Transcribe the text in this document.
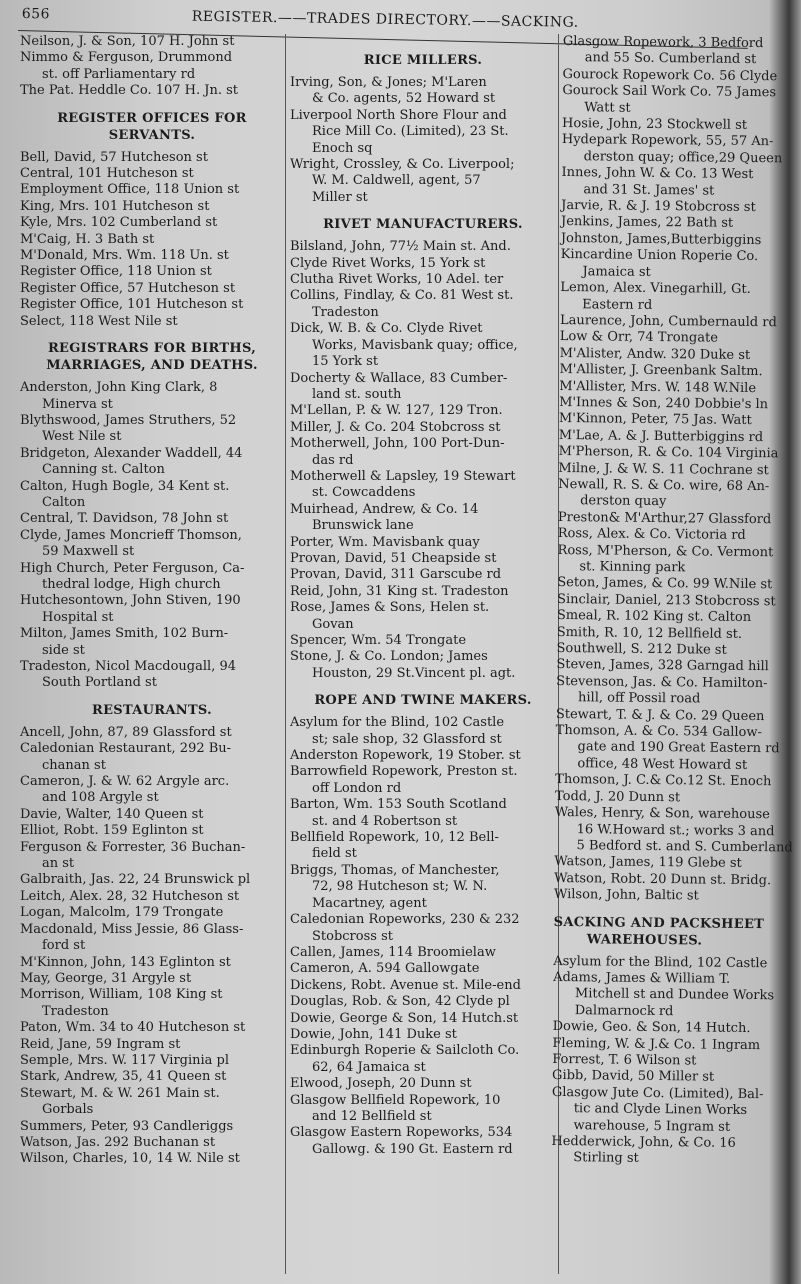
656	REGISTER.——TRADES DIRECTORY.——SACKING.
Neilson, J. & Son, 107 H. John st
Nimmo & Ferguson, Drummond
st. off Parliamentary rd
The Pat. Heddle Co. 107 H. Jn. st
REGISTER OFFICES FOR
SERVANTS.
Bell, David, 57 Hutcheson st
Central, 101 Hutcheson st
Employment Office, 118 Union st
King, Mrs. 101 Hutcheson st
Kyle, Mrs. 102 Cumberland st
M'Caig, H. 3 Bath st
M'Donald, Mrs. Wm. 118 Un. st
Register Office, 118 Union st
Register Office, 57 Hutcheson st
Register Office, 101 Hutcheson st
Select, 118 West Nile st
REGISTRARS FOR BIRTHS,
MARRIAGES, AND DEATHS.
Anderston, John King Clark, 8
Minerva st
Blythswood, James Struthers, 52
West Nile st
Bridgeton, Alexander Waddell, 44
Canning st. Calton
Calton, Hugh Bogle, 34 Kent st.
Calton
Central, T. Davidson, 78 John st
Clyde, James Moncrieff Thomson,
59 Maxwell st
High Church, Peter Ferguson, Ca-
thedral lodge, High church
Hutchesontown, John Stiven, 190
Hospital st
Milton, James Smith, 102 Burn-
side st
Tradeston, Nicol Macdougall, 94
South Portland st
RESTAURANTS.
Ancell, John, 87, 89 Glassford st
Caledonian Restaurant, 292 Bu-
chanan st
Cameron, J. & W. 62 Argyle arc.
and 108 Argyle st
Davie, Walter, 140 Queen st
Elliot, Robt. 159 Eglinton st
Ferguson & Forrester, 36 Buchan-
an st
Galbraith, Jas. 22, 24 Brunswick pl
Leitch, Alex. 28, 32 Hutcheson st
Logan, Malcolm, 179 Trongate
Macdonald, Miss Jessie, 86 Glass-
ford st
M'Kinnon, John, 143 Eglinton st
May, George, 31 Argyle st
Morrison, William, 108 King st
Tradeston
Paton, Wm. 34 to 40 Hutcheson st
Reid, Jane, 59 Ingram st
Semple, Mrs. W. 117 Virginia pl
Stark, Andrew, 35, 41 Queen st
Stewart, M. & W. 261 Main st.
Gorbals
Summers, Peter, 93 Candleriggs
Watson, Jas. 292 Buchanan st
Wilson, Charles, 10, 14 W. Nile st
RICE MILLERS.
Irving, Son, & Jones; M'Laren
& Co. agents, 52 Howard st
Liverpool North Shore Flour and
Rice Mill Co. (Limited), 23 St.
Enoch sq
Wright, Crossley, & Co. Liverpool;
W. M. Caldwell, agent, 57
Miller st
RIVET MANUFACTURERS.
Bilsland, John, 77½ Main st. And.
Clyde Rivet Works, 15 York st
Clutha Rivet Works, 10 Adel. ter
Collins, Findlay, & Co. 81 West st.
Tradeston
Dick, W. B. & Co. Clyde Rivet
Works, Mavisbank quay; office,
15 York st
Docherty & Wallace, 83 Cumber-
land st. south
M'Lellan, P. & W. 127, 129 Tron.
Miller, J. & Co. 204 Stobcross st
Motherwell, John, 100 Port-Dun-
das rd
Motherwell & Lapsley, 19 Stewart
st. Cowcaddens
Muirhead, Andrew, & Co. 14
Brunswick lane
Porter, Wm. Mavisbank quay
Provan, David, 51 Cheapside st
Provan, David, 311 Garscube rd
Reid, John, 31 King st. Tradeston
Rose, James & Sons, Helen st.
Govan
Spencer, Wm. 54 Trongate
Stone, J. & Co. London; James
Houston, 29 St.Vincent pl. agt.
ROPE AND TWINE MAKERS.
Asylum for the Blind, 102 Castle
st; sale shop, 32 Glassford st
Anderston Ropework, 19 Stober. st
Barrowfield Ropework, Preston st.
off London rd
Barton, Wm. 153 South Scotland
st. and 4 Robertson st
Bellfield Ropework, 10, 12 Bell-
field st
Briggs, Thomas, of Manchester,
72, 98 Hutcheson st; W. N.
Macartney, agent
Caledonian Ropeworks, 230 & 232
Stobcross st
Callen, James, 114 Broomielaw
Cameron, A. 594 Gallowgate
Dickens, Robt. Avenue st. Mile-end
Douglas, Rob. & Son, 42 Clyde pl
Dowie, George & Son, 14 Hutch.st
Dowie, John, 141 Duke st
Edinburgh Roperie & Sailcloth Co.
62, 64 Jamaica st
Elwood, Joseph, 20 Dunn st
Glasgow Bellfield Ropework, 10
and 12 Bellfield st
Glasgow Eastern Ropeworks, 534
Gallowg. & 190 Gt. Eastern rd
Glasgow Ropework, 3 Bedford
and 55 So. Cumberland st
Gourock Ropework Co. 56 Clyde
Gourock Sail Work Co. 75 James
Watt st
Hosie, John, 23 Stockwell st
Hydepark Ropework, 55, 57 An-
derston quay; office,29 Queen
Innes, John W. & Co. 13 West
and 31 St. James' st
Jarvie, R. & J. 19 Stobcross st
Jenkins, James, 22 Bath st
Johnston, James,Butterbiggins
Kincardine Union Roperie Co.
Jamaica st
Lemon, Alex. Vinegarhill, Gt.
Eastern rd
Laurence, John, Cumbernauld rd
Low & Orr, 74 Trongate
M'Alister, Andw. 320 Duke st
M'Allister, J. Greenbank Saltm.
M'Allister, Mrs. W. 148 W.Nile
M'Innes & Son, 240 Dobbie's ln
M'Kinnon, Peter, 75 Jas. Watt
M'Lae, A. & J. Butterbiggins rd
M'Pherson, R. & Co. 104 Virginia
Milne, J. & W. S. 11 Cochrane st
Newall, R. S. & Co. wire, 68 An-
derston quay
Preston& M'Arthur,27 Glassford
Ross, Alex. & Co. Victoria rd
Ross, M'Pherson, & Co. Vermont
st. Kinning park
Seton, James, & Co. 99 W.Nile st
Sinclair, Daniel, 213 Stobcross st
Smeal, R. 102 King st. Calton
Smith, R. 10, 12 Bellfield st.
Southwell, S. 212 Duke st
Steven, James, 328 Garngad hill
Stevenson, Jas. & Co. Hamilton-
hill, off Possil road
Stewart, T. & J. & Co. 29 Queen
Thomson, A. & Co. 534 Gallow-
gate and 190 Great Eastern rd
office, 48 West Howard st
Thomson, J. C.& Co.12 St. Enoch
Todd, J. 20 Dunn st
Wales, Henry, & Son, warehouse
16 W.Howard st.; works 3 and
5 Bedford st. and S. Cumberland
Watson, James, 119 Glebe st
Watson, Robt. 20 Dunn st. Bridg.
Wilson, John, Baltic st
SACKING AND PACKSHEET
WAREHOUSES.
Asylum for the Blind, 102 Castle
Adams, James & William T.
Mitchell st and Dundee Works
Dalmarnock rd
Dowie, Geo. & Son, 14 Hutch.
Fleming, W. & J.& Co. 1 Ingram
Forrest, T. 6 Wilson st
Gibb, David, 50 Miller st
Glasgow Jute Co. (Limited), Bal-
tic and Clyde Linen Works
warehouse, 5 Ingram st
Hedderwick, John, & Co. 16
Stirling st
